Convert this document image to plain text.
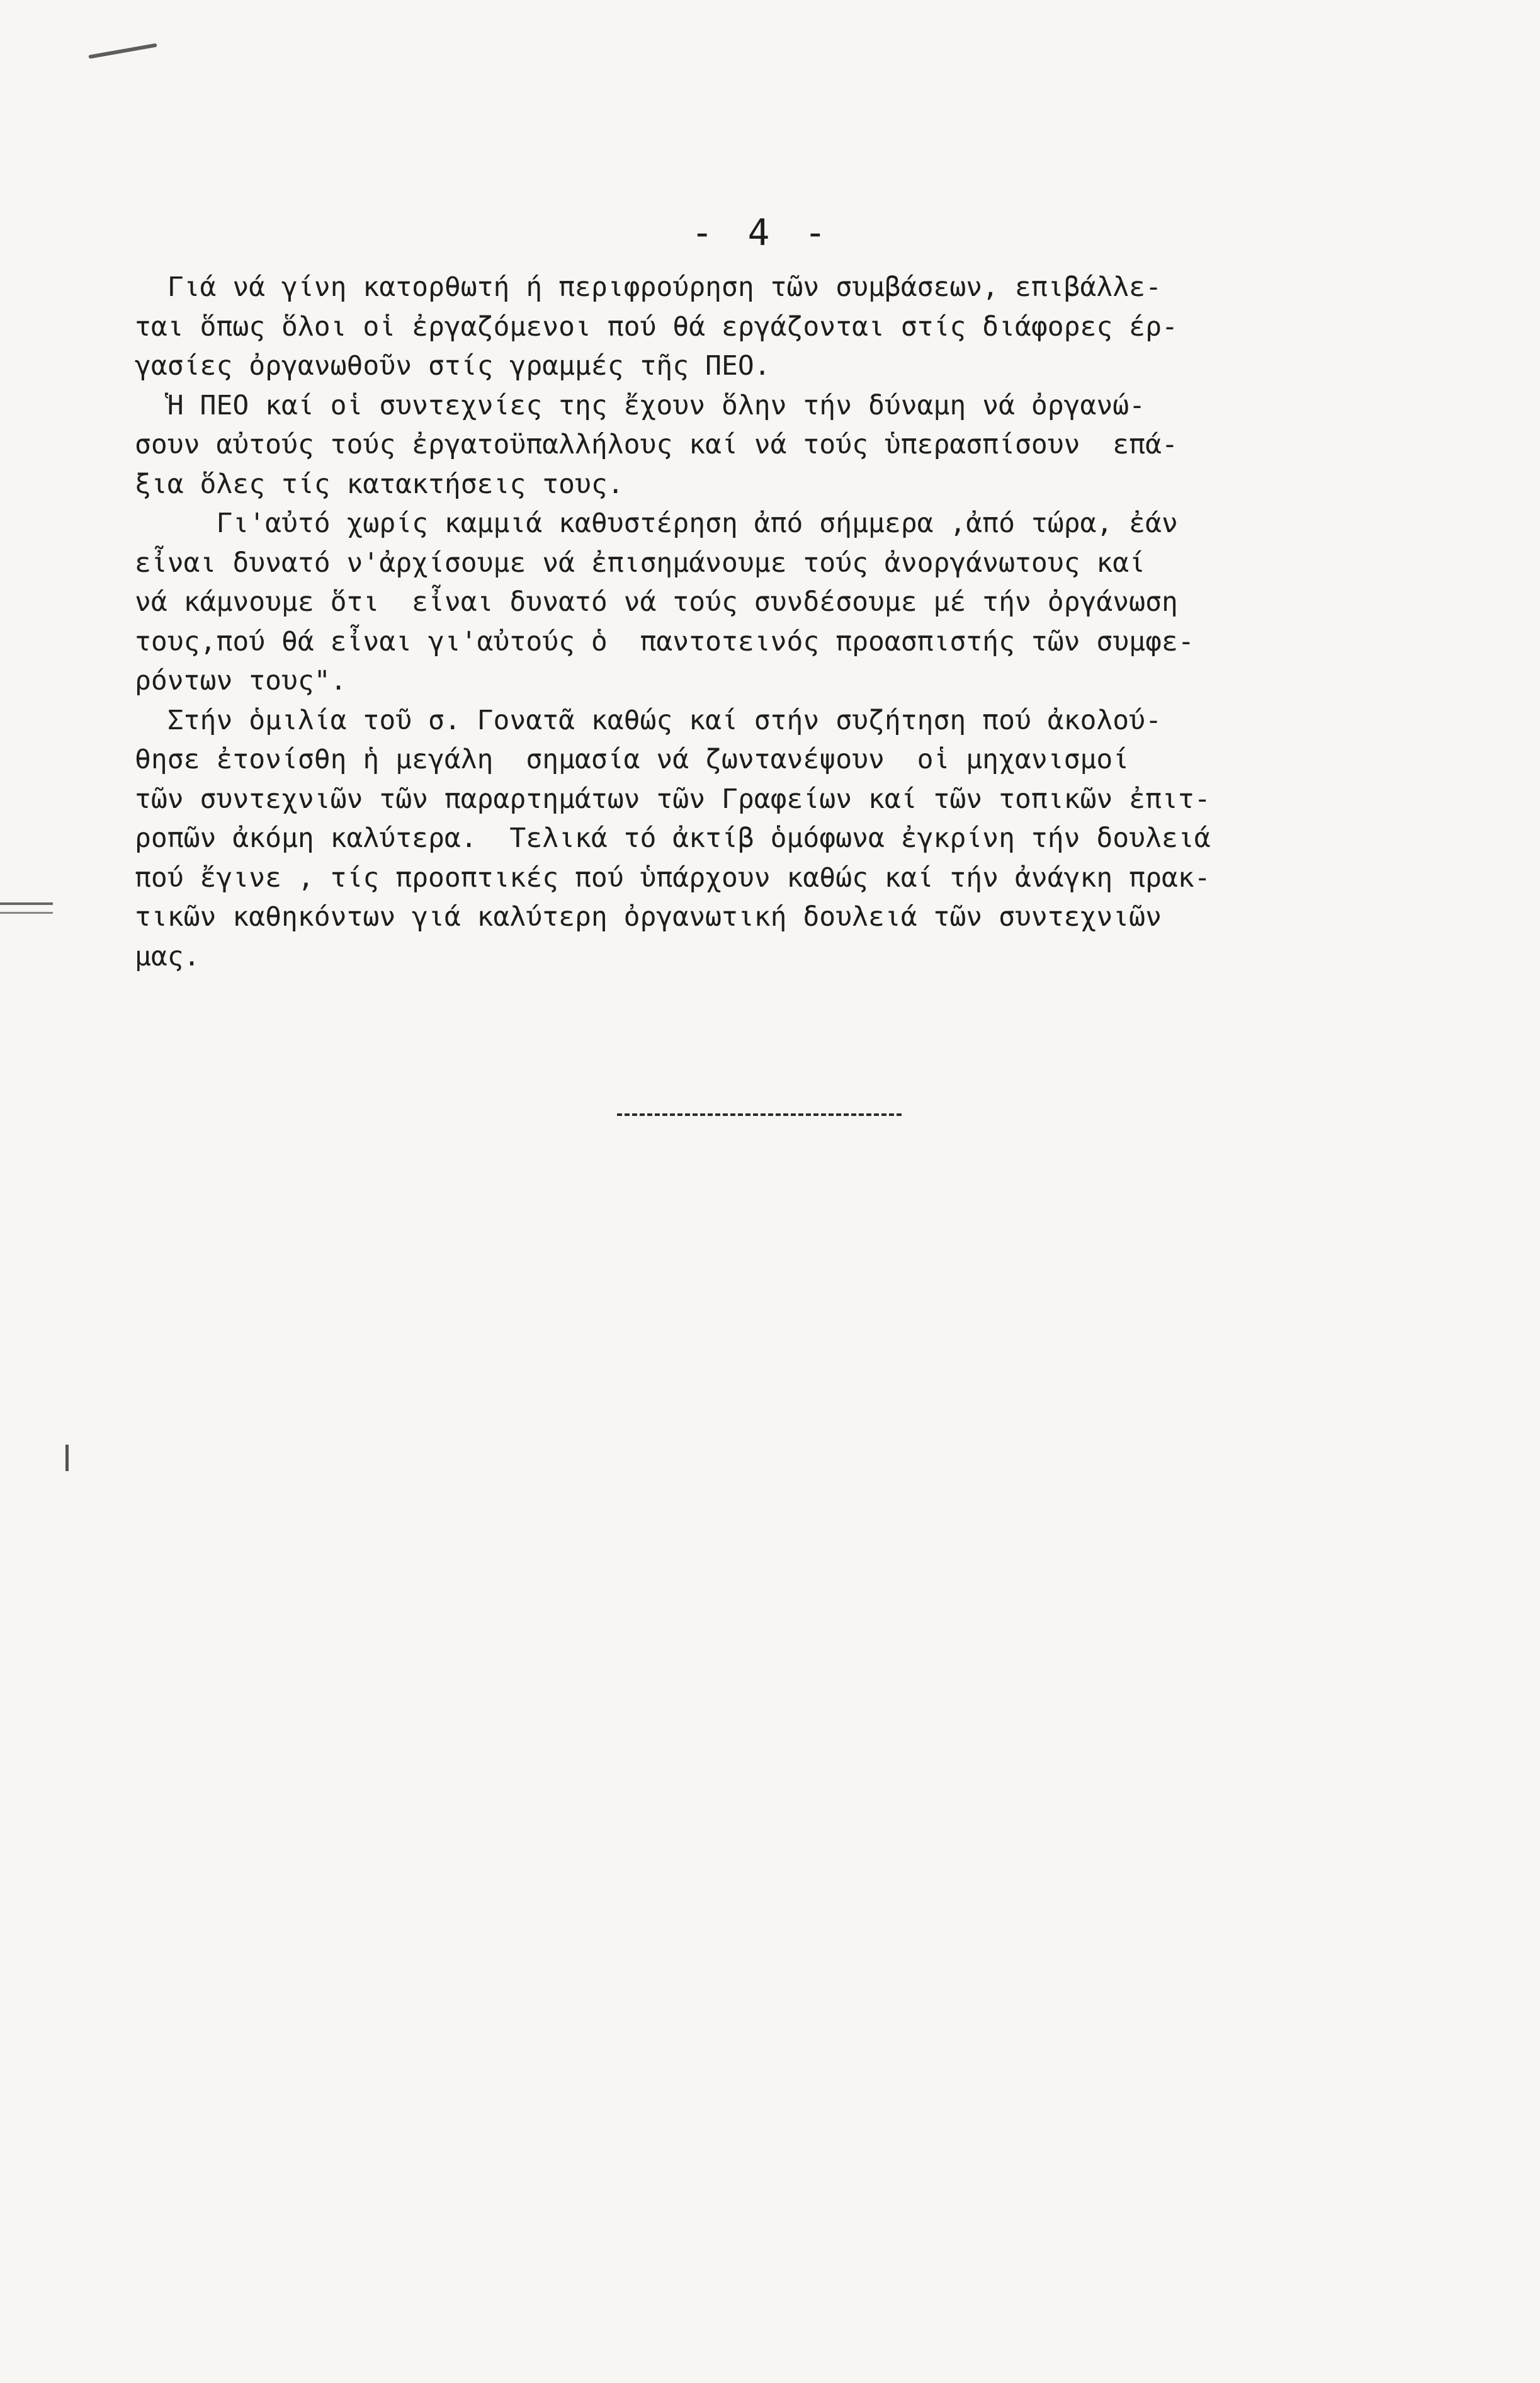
- 4 -
Γιά νά γίνη κατορθωτή ή περιφρούρηση τῶν συμβάσεων, επιβάλλε-
ται ὅπως ὅλοι οἱ ἐργαζόμενοι πού θά εργάζονται στίς διάφορες έρ-
γασίες ὀργανωθοῦν στίς γραμμές τῆς ΠΕΟ.
Ἡ ΠΕΟ καί οἱ συντεχνίες της ἔχουν ὅλην τήν δύναμη νά ὀργανώ-
σουν αὐτούς τούς ἐργατοϋπαλλήλους καί νά τούς ὑπερασπίσουν  επά-
ξια ὅλες τίς κατακτήσεις τους.
Γι'αὐτό χωρίς καμμιά καθυστέρηση ἀπό σήμμερα ,ἀπό τώρα, ἐάν
εἶναι δυνατό ν'ἀρχίσουμε νά ἐπισημάνουμε τούς ἀνοργάνωτους καί
νά κάμνουμε ὅτι  εἶναι δυνατό νά τούς συνδέσουμε μέ τήν ὀργάνωση
τους,πού θά εἶναι γι'αὐτούς ὁ  παντοτεινός προασπιστής τῶν συμφε-
ρόντων τους".
Στήν ὁμιλία τοῦ σ. Γονατᾶ καθώς καί στήν συζήτηση πού ἀκολού-
θησε ἐτονίσθη ἡ μεγάλη  σημασία νά ζωντανέψουν  οἱ μηχανισμοί
τῶν συντεχνιῶν τῶν παραρτημάτων τῶν Γραφείων καί τῶν τοπικῶν ἐπιτ-
ροπῶν ἀκόμη καλύτερα.  Τελικά τό ἀκτίβ ὁμόφωνα ἐγκρίνη τήν δουλειά
πού ἔγινε , τίς προοπτικές πού ὑπάρχουν καθώς καί τήν ἀνάγκη πρακ-
τικῶν καθηκόντων γιά καλύτερη ὀργανωτική δουλειά τῶν συντεχνιῶν
μας.
